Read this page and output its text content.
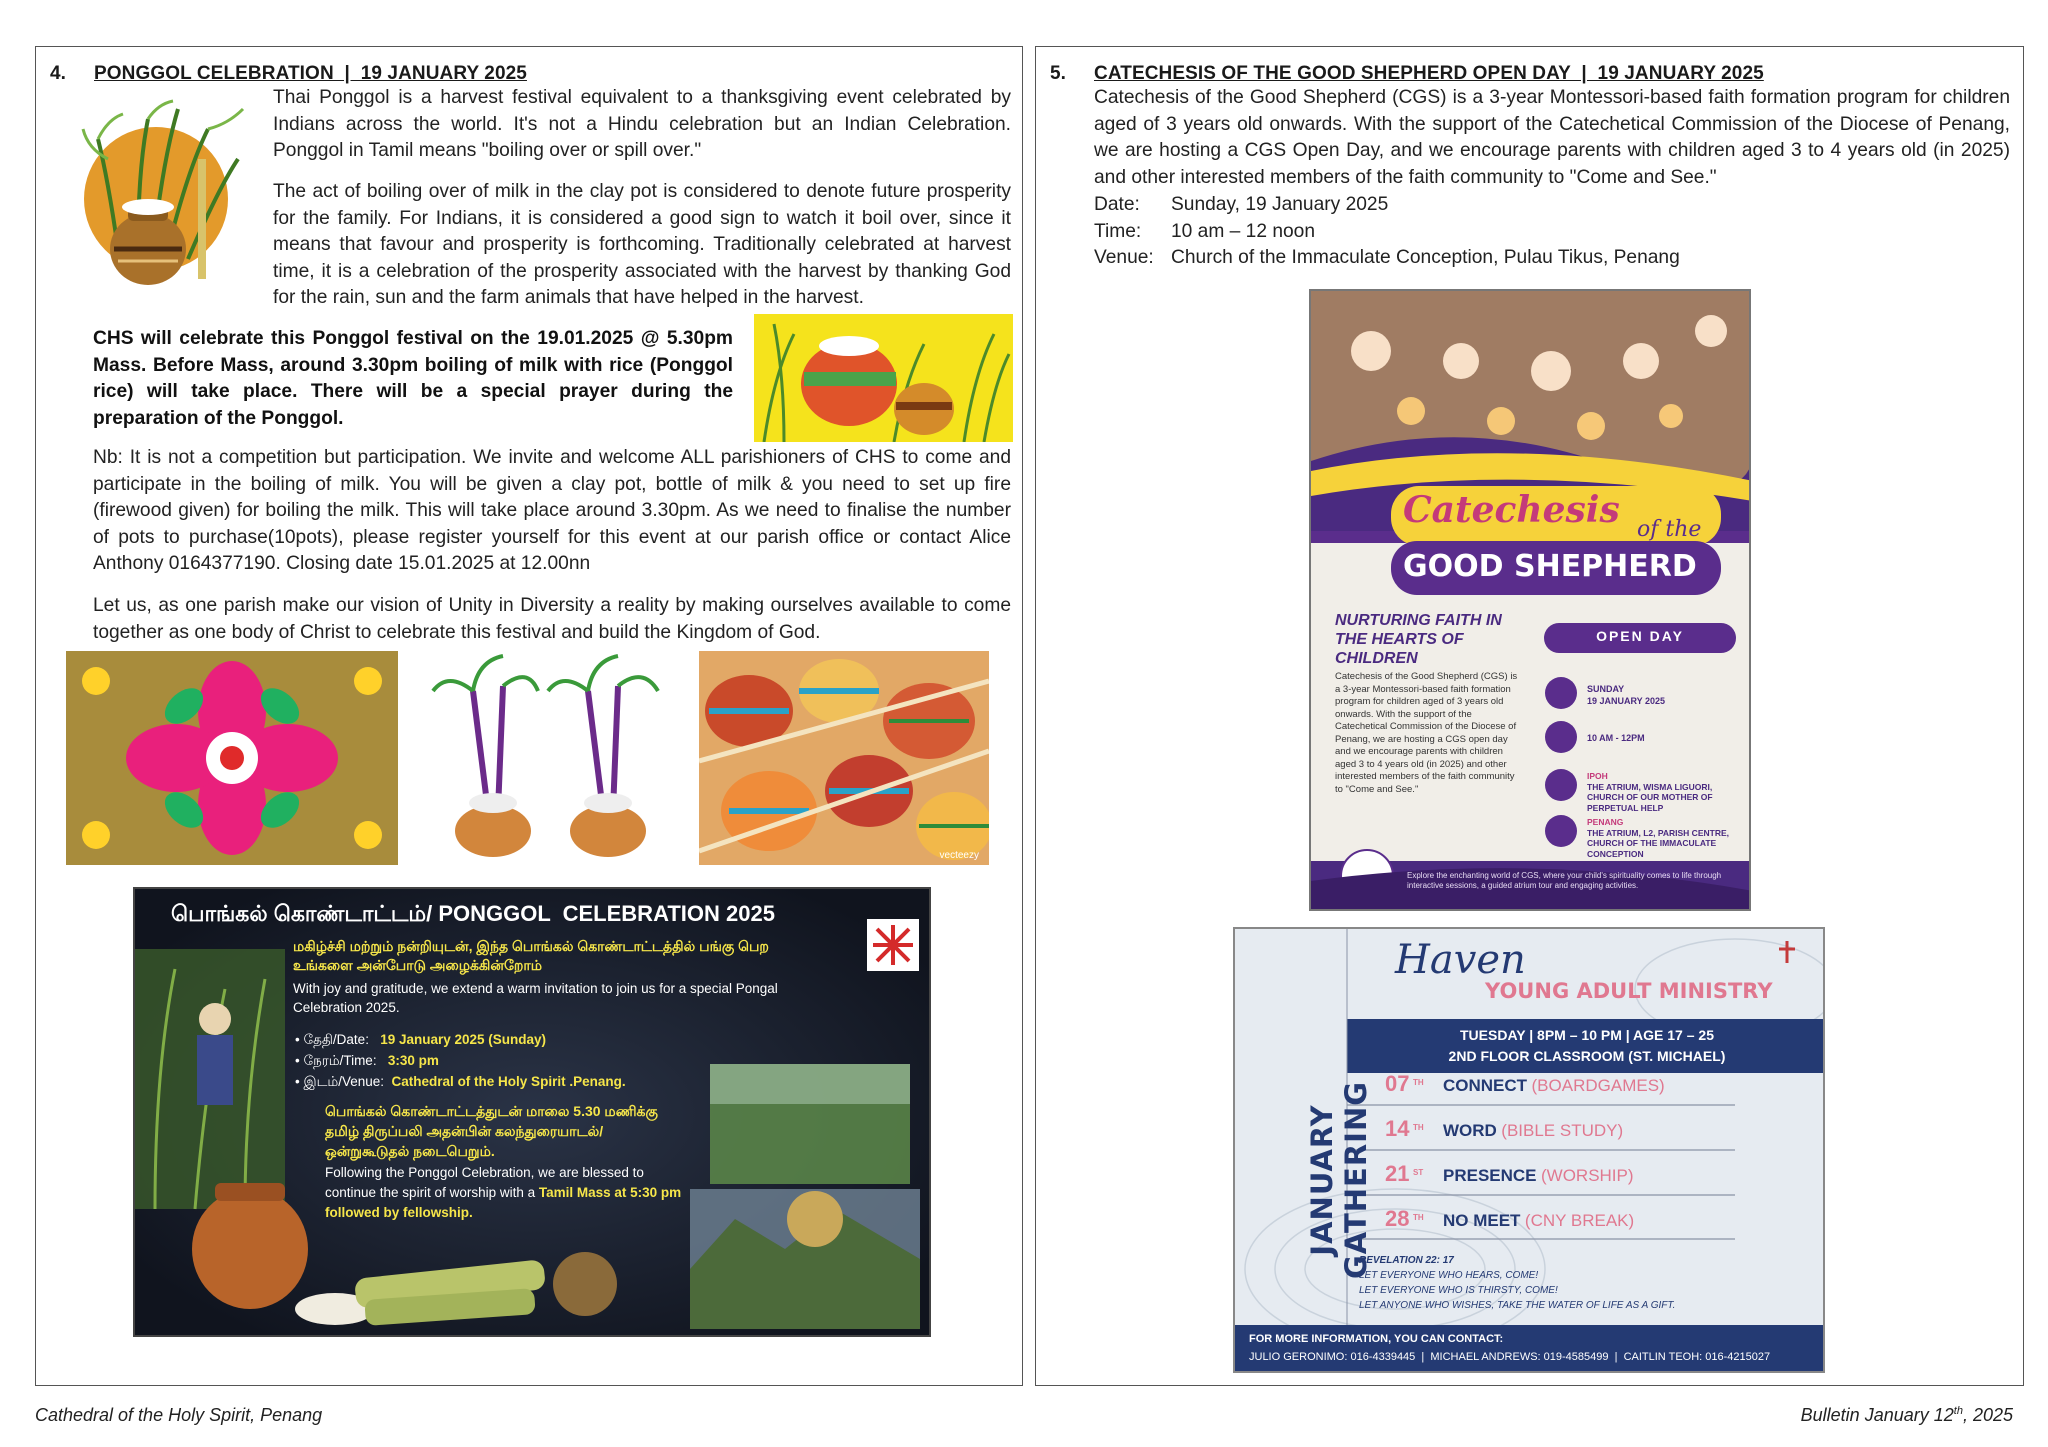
4. PONGGOL CELEBRATION  |  19 JANUARY 2025
Thai Ponggol is a harvest festival equivalent to a thanksgiving event celebrated by Indians across the world. It's not a Hindu celebration but an Indian Celebration. Ponggol in Tamil means "boiling over or spill over."
The act of boiling over of milk in the clay pot is considered to denote future prosperity for the family. For Indians, it is considered a good sign to watch it boil over, since it means that favour and prosperity is forthcoming. Traditionally celebrated at harvest time, it is a celebration of the prosperity associated with the harvest by thanking God for the rain, sun and the farm animals that have helped in the harvest.
CHS will celebrate this Ponggol festival on the 19.01.2025 @ 5.30pm Mass. Before Mass, around 3.30pm boiling of milk with rice (Ponggol rice) will take place. There will be a special prayer during the preparation of the Ponggol.
Nb: It is not a competition but participation. We invite and welcome ALL parishioners of CHS to come and participate in the boiling of milk. You will be given a clay pot, bottle of milk & you need to set up fire (firewood given) for boiling the milk. This will take place around 3.30pm. As we need to finalise the number of pots to purchase(10pots), please register yourself for this event at our parish office or contact Alice Anthony 0164377190. Closing date 15.01.2025 at 12.00nn
Let us, as one parish make our vision of Unity in Diversity a reality by making ourselves available to come together as one body of Christ to celebrate this festival and build the Kingdom of God.
vecteezy
பொங்கல் கொண்டாட்டம்/ PONGGOL  CELEBRATION 2025
மகிழ்ச்சி மற்றும் நன்றியுடன், இந்த பொங்கல் கொண்டாட்டத்தில் பங்கு பெற உங்களை அன்போடு அழைக்கின்றோம்
With joy and gratitude, we extend a warm invitation to join us for a special Pongal Celebration 2025.
• தேதி/Date: 19 January 2025 (Sunday)
• நேரம்/Time: 3:30 pm
• இடம்/Venue: Cathedral of the Holy Spirit .Penang.
பொங்கல் கொண்டாட்டத்துடன் மாலை 5.30 மணிக்கு தமிழ் திருப்பலி அதன்பின் கலந்துரையாடல்/ஒன்றுகூடுதல் நடைபெறும்.
Following the Ponggol Celebration, we are blessed to continue the spirit of worship with a Tamil Mass at 5:30 pm followed by fellowship.
5. CATECHESIS OF THE GOOD SHEPHERD OPEN DAY  |  19 JANUARY 2025
Catechesis of the Good Shepherd (CGS) is a 3-year Montessori-based faith formation program for children aged of 3 years old onwards. With the support of the Catechetical Commission of the Diocese of Penang, we are hosting a CGS Open Day, and we encourage parents with children aged 3 to 4 years old (in 2025) and other interested members of the faith community to "Come and See."
Date: Sunday, 19 January 2025
Time: 10 am – 12 noon
Venue: Church of the Immaculate Conception, Pulau Tikus, Penang
Catechesis of the
GOOD SHEPHERD
NURTURING FAITH IN THE HEARTS OF CHILDREN
OPEN DAY
Catechesis of the Good Shepherd (CGS) is a 3-year Montessori-based faith formation program for children aged of 3 years old onwards. With the support of the Catechetical Commission of the Diocese of Penang, we are hosting a CGS open day and we encourage parents with children aged 3 to 4 years old (in 2025) and other interested members of the faith community to "Come and See."
SUNDAY
19 JANUARY 2025
10 AM - 12PM
IPOH
THE ATRIUM, WISMA LIGUORI, CHURCH OF OUR MOTHER OF PERPETUAL HELP
PENANG
THE ATRIUM, L2, PARISH CENTRE, CHURCH OF THE IMMACULATE CONCEPTION
Explore the enchanting world of CGS, where your child's spirituality comes to life through interactive sessions, a guided atrium tour and engaging activities.
JANUARY GATHERING
Haven
YOUNG ADULT MINISTRY
TUESDAY | 8PM – 10 PM | AGE 17 – 25
2ND FLOOR CLASSROOM (ST. MICHAEL)
07 $^{TH}$ CONNECT (BOARDGAMES)
14 $^{TH}$ WORD (BIBLE STUDY)
21 $^{ST}$ PRESENCE (WORSHIP)
28 $^{TH}$ NO MEET (CNY BREAK)
REVELATION 22: 17
LET EVERYONE WHO HEARS, COME!
LET EVERYONE WHO IS THIRSTY, COME!
LET ANYONE WHO WISHES, TAKE THE WATER OF LIFE AS A GIFT.
FOR MORE INFORMATION, YOU CAN CONTACT:
JULIO GERONIMO: 016-4339445  |  MICHAEL ANDREWS: 019-4585499  |  CAITLIN TEOH: 016-4215027
Cathedral of the Holy Spirit, Penang	Bulletin January 12th, 2025
